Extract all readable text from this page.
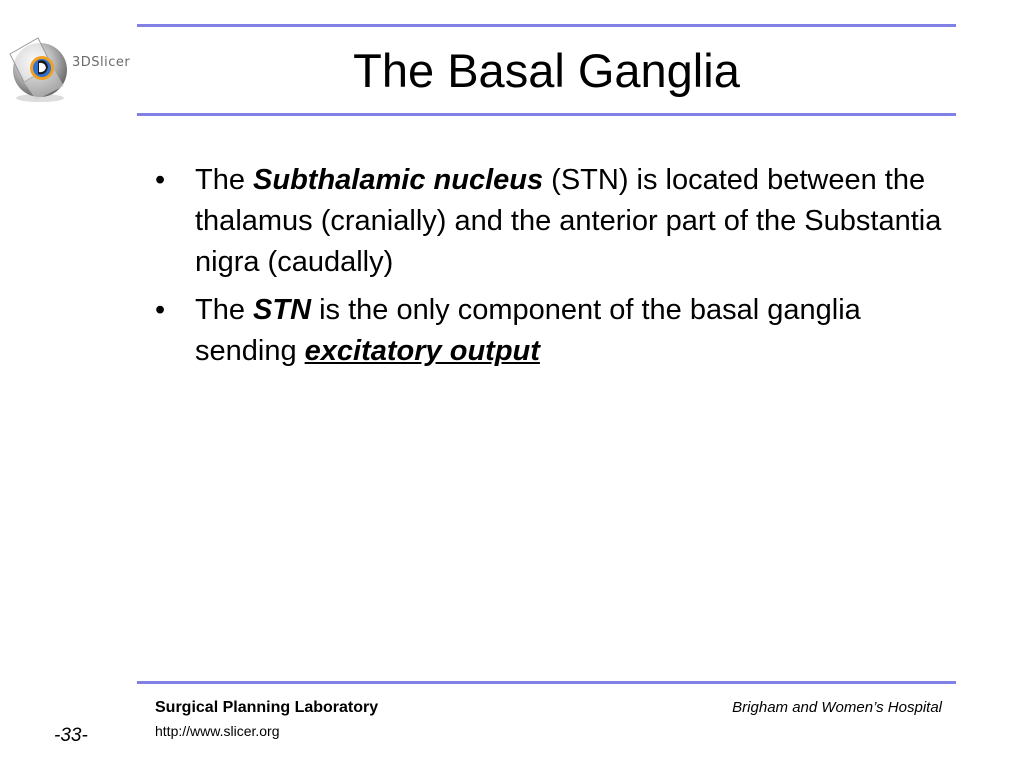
3DSlicer	The Basal Ganglia
• The Subthalamic nucleus (STN) is located between the thalamus (cranially) and the anterior part of the Substantia nigra (caudally)
• The STN is the only component of the basal ganglia sending excitatory output
Surgical Planning Laboratory
http://www.slicer.org
Brigham and Women’s Hospital
-33-
